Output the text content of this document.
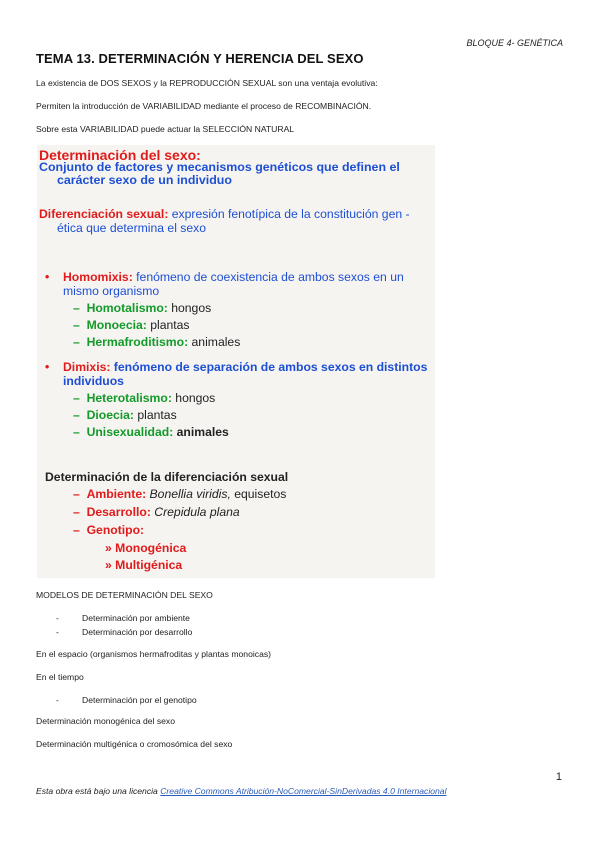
BLOQUE 4- GENÉTICA
TEMA 13. DETERMINACIÓN Y HERENCIA DEL SEXO
La existencia de DOS SEXOS y la REPRODUCCIÓN SEXUAL son una ventaja evolutiva:
Permiten la introducción de VARIABILIDAD mediante el proceso de RECOMBINACIÓN.
Sobre esta VARIABILIDAD puede actuar la SELECCIÓN NATURAL
Determinación del sexo:
Conjunto de factores y mecanismos genéticos que definen el
carácter sexo de un individuo
Diferenciación sexual: expresión fenotípica de la constitución gen -
ética que determina el sexo
• Homomixis: fenómeno de coexistencia de ambos sexos en un
mismo organismo
– Homotalismo: hongos
– Monoecia: plantas
– Hermafroditismo: animales
• Dimixis: fenómeno de separación de ambos sexos en distintos
individuos
– Heterotalismo: hongos
– Dioecia: plantas
– Unisexualidad: animales
Determinación de la diferenciación sexual
– Ambiente: Bonellia viridis, equisetos
– Desarrollo: Crepidula plana
– Genotipo:
» Monogénica
» Multigénica
MODELOS DE DETERMINACIÓN DEL SEXO
-	Determinación por ambiente
-	Determinación por desarrollo
En el espacio (organismos hermafroditas y plantas monoicas)
En el tiempo
-	Determinación por el genotipo
Determinación monogénica del sexo
Determinación multigénica o cromosómica del sexo
1
Esta obra está bajo una licencia Creative Commons Atribución-NoComercial-SinDerivadas 4.0 Internacional
